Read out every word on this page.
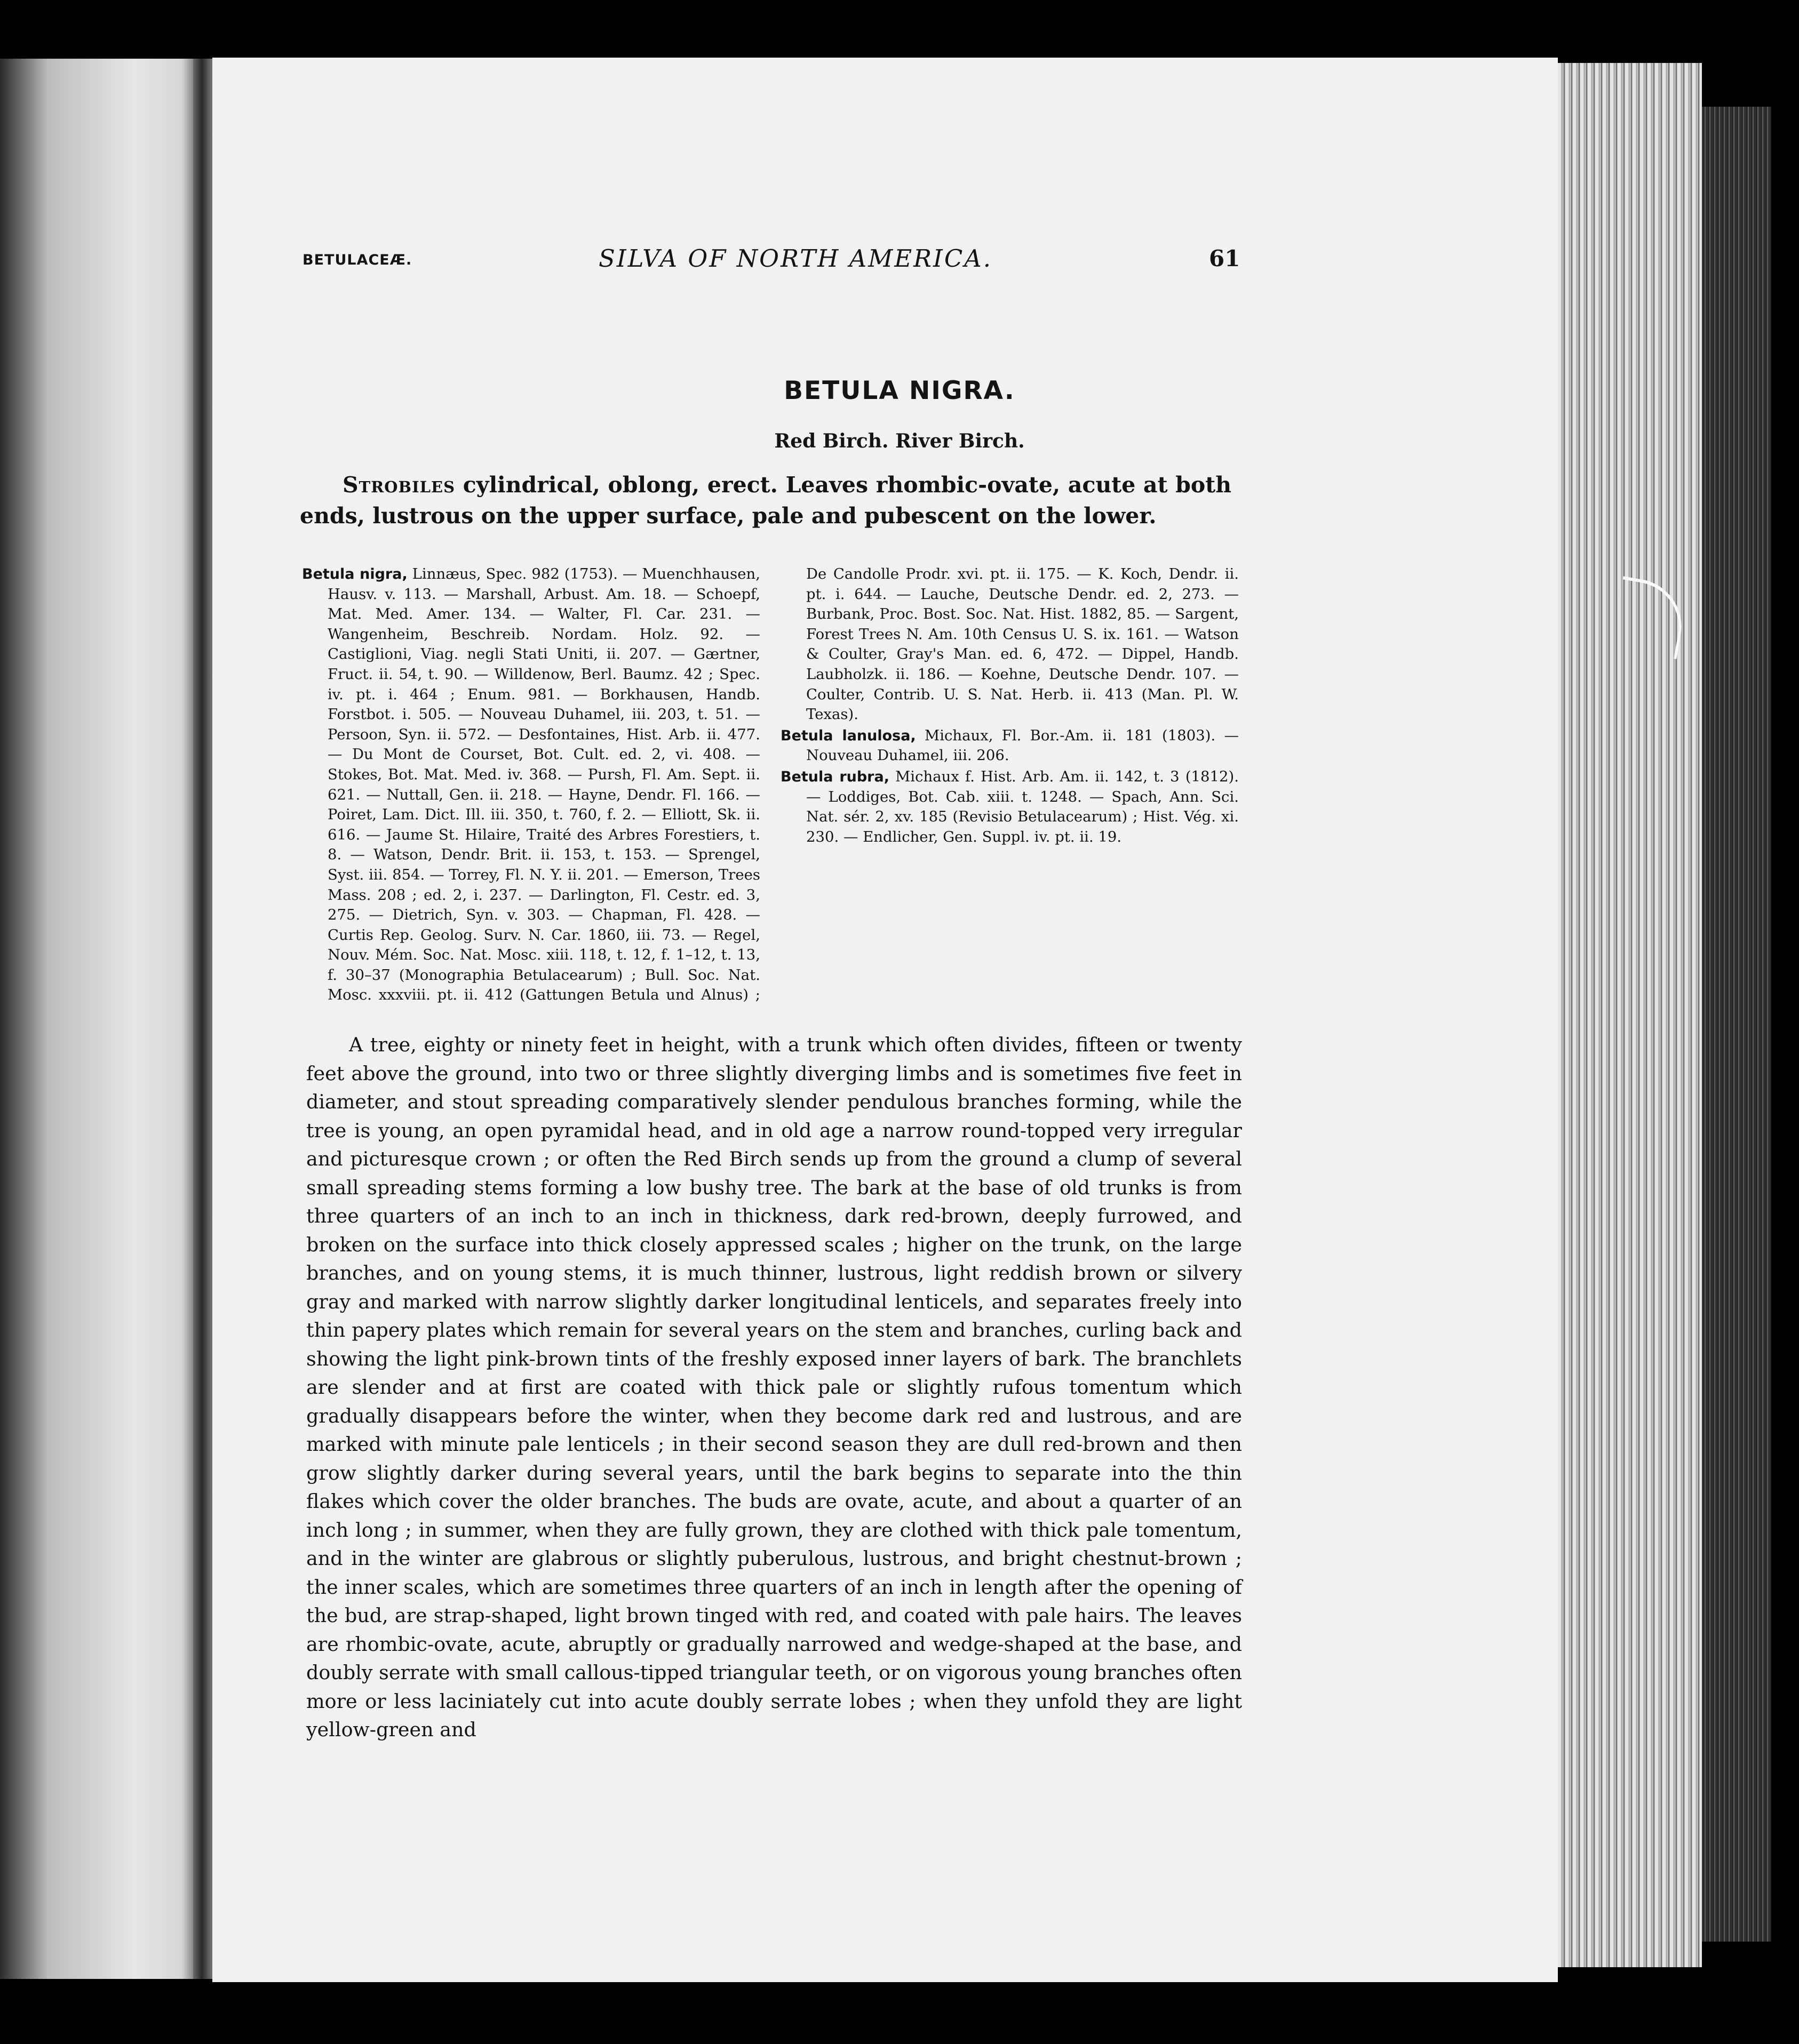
BETULACEÆ.	SILVA OF NORTH AMERICA.	61
BETULA NIGRA.
Red Birch. River Birch.
Strobiles cylindrical, oblong, erect. Leaves rhombic-ovate, acute at both ends, lustrous on the upper surface, pale and pubescent on the lower.

Betula nigra, Linnæus, Spec. 982 (1753). — Muenchhausen, Hausv. v. 113. — Marshall, Arbust. Am. 18. — Schoepf, Mat. Med. Amer. 134. — Walter, Fl. Car. 231. — Wangenheim, Beschreib. Nordam. Holz. 92. — Castiglioni, Viag. negli Stati Uniti, ii. 207. — Gærtner, Fruct. ii. 54, t. 90. — Willdenow, Berl. Baumz. 42 ; Spec. iv. pt. i. 464 ; Enum. 981. — Borkhausen, Handb. Forstbot. i. 505. — Nouveau Duhamel, iii. 203, t. 51. — Persoon, Syn. ii. 572. — Desfontaines, Hist. Arb. ii. 477. — Du Mont de Courset, Bot. Cult. ed. 2, vi. 408. — Stokes, Bot. Mat. Med. iv. 368. — Pursh, Fl. Am. Sept. ii. 621. — Nuttall, Gen. ii. 218. — Hayne, Dendr. Fl. 166. — Poiret, Lam. Dict. Ill. iii. 350, t. 760, f. 2. — Elliott, Sk. ii. 616. — Jaume St. Hilaire, Traité des Arbres Forestiers, t. 8. — Watson, Dendr. Brit. ii. 153, t. 153. — Sprengel, Syst. iii. 854. — Torrey, Fl. N. Y. ii. 201. — Emerson, Trees Mass. 208 ; ed. 2, i. 237. — Darlington, Fl. Cestr. ed. 3, 275. — Dietrich, Syn. v. 303. — Chapman, Fl. 428. — Curtis Rep. Geolog. Surv. N. Car. 1860, iii. 73. — Regel, Nouv. Mém. Soc. Nat. Mosc. xiii. 118, t. 12, f. 1–12, t. 13, f. 30–37 (Monographia Betulacearum) ; Bull. Soc. Nat. Mosc. xxxviii. pt. ii. 412 (Gattungen Betula und Alnus) ; De Candolle Prodr. xvi. pt. ii. 175. — K. Koch, Dendr. ii. pt. i. 644. — Lauche, Deutsche Dendr. ed. 2, 273. — Burbank, Proc. Bost. Soc. Nat. Hist. 1882, 85. — Sargent, Forest Trees N. Am. 10th Census U. S. ix. 161. — Watson & Coulter, Gray's Man. ed. 6, 472. — Dippel, Handb. Laubholzk. ii. 186. — Koehne, Deutsche Dendr. 107. — Coulter, Contrib. U. S. Nat. Herb. ii. 413 (Man. Pl. W. Texas).

Betula lanulosa, Michaux, Fl. Bor.-Am. ii. 181 (1803). — Nouveau Duhamel, iii. 206.

Betula rubra, Michaux f. Hist. Arb. Am. ii. 142, t. 3 (1812). — Loddiges, Bot. Cab. xiii. t. 1248. — Spach, Ann. Sci. Nat. sér. 2, xv. 185 (Revisio Betulacearum) ; Hist. Vég. xi. 230. — Endlicher, Gen. Suppl. iv. pt. ii. 19.

A tree, eighty or ninety feet in height, with a trunk which often divides, fifteen or twenty feet above the ground, into two or three slightly diverging limbs and is sometimes five feet in diameter, and stout spreading comparatively slender pendulous branches forming, while the tree is young, an open pyramidal head, and in old age a narrow round-topped very irregular and picturesque crown ; or often the Red Birch sends up from the ground a clump of several small spreading stems forming a low bushy tree. The bark at the base of old trunks is from three quarters of an inch to an inch in thickness, dark red-brown, deeply furrowed, and broken on the surface into thick closely appressed scales ; higher on the trunk, on the large branches, and on young stems, it is much thinner, lustrous, light reddish brown or silvery gray and marked with narrow slightly darker longitudinal lenticels, and separates freely into thin papery plates which remain for several years on the stem and branches, curling back and showing the light pink-brown tints of the freshly exposed inner layers of bark. The branchlets are slender and at first are coated with thick pale or slightly rufous tomentum which gradually disappears before the winter, when they become dark red and lustrous, and are marked with minute pale lenticels ; in their second season they are dull red-brown and then grow slightly darker during several years, until the bark begins to separate into the thin flakes which cover the older branches. The buds are ovate, acute, and about a quarter of an inch long ; in summer, when they are fully grown, they are clothed with thick pale tomentum, and in the winter are glabrous or slightly puberulous, lustrous, and bright chestnut-brown ; the inner scales, which are sometimes three quarters of an inch in length after the opening of the bud, are strap-shaped, light brown tinged with red, and coated with pale hairs. The leaves are rhombic-ovate, acute, abruptly or gradually narrowed and wedge-shaped at the base, and doubly serrate with small callous-tipped triangular teeth, or on vigorous young branches often more or less laciniately cut into acute doubly serrate lobes ; when they unfold they are light yellow-green and
